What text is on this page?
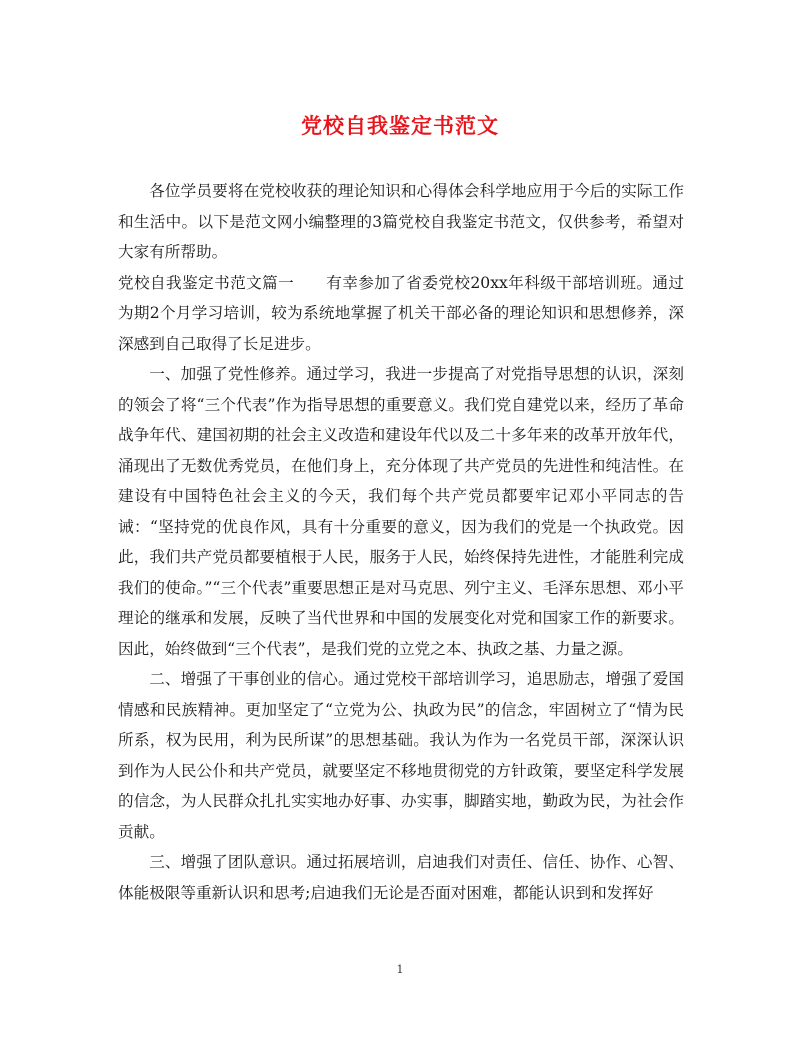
党校自我鉴定书范文

各位学员要将在党校收获的理论知识和心得体会科学地应用于今后的实际工作和生活中。以下是范文网小编整理的3篇党校自我鉴定书范文，仅供参考，希望对大家有所帮助。

党校自我鉴定书范文篇一　　有幸参加了省委党校20xx年科级干部培训班。通过为期2个月学习培训，较为系统地掌握了机关干部必备的理论知识和思想修养，深深感到自己取得了长足进步。

一、加强了党性修养。通过学习，我进一步提高了对党指导思想的认识，深刻的领会了将“三个代表”作为指导思想的重要意义。我们党自建党以来，经历了革命战争年代、建国初期的社会主义改造和建设年代以及二十多年来的改革开放年代，涌现出了无数优秀党员，在他们身上，充分体现了共产党员的先进性和纯洁性。在建设有中国特色社会主义的今天，我们每个共产党员都要牢记邓小平同志的告诫：“坚持党的优良作风，具有十分重要的意义，因为我们的党是一个执政党。因此，我们共产党员都要植根于人民，服务于人民，始终保持先进性，才能胜利完成我们的使命。”“三个代表”重要思想正是对马克思、列宁主义、毛泽东思想、邓小平理论的继承和发展，反映了当代世界和中国的发展变化对党和国家工作的新要求。因此，始终做到“三个代表”，是我们党的立党之本、执政之基、力量之源。

二、增强了干事创业的信心。通过党校干部培训学习，追思励志，增强了爱国情感和民族精神。更加坚定了“立党为公、执政为民”的信念，牢固树立了“情为民所系，权为民用，利为民所谋”的思想基础。我认为作为一名党员干部，深深认识到作为人民公仆和共产党员，就要坚定不移地贯彻党的方针政策，要坚定科学发展的信念，为人民群众扎扎实实地办好事、办实事，脚踏实地，勤政为民，为社会作贡献。

三、增强了团队意识。通过拓展培训，启迪我们对责任、信任、协作、心智、体能极限等重新认识和思考;启迪我们无论是否面对困难，都能认识到和发挥好

1
